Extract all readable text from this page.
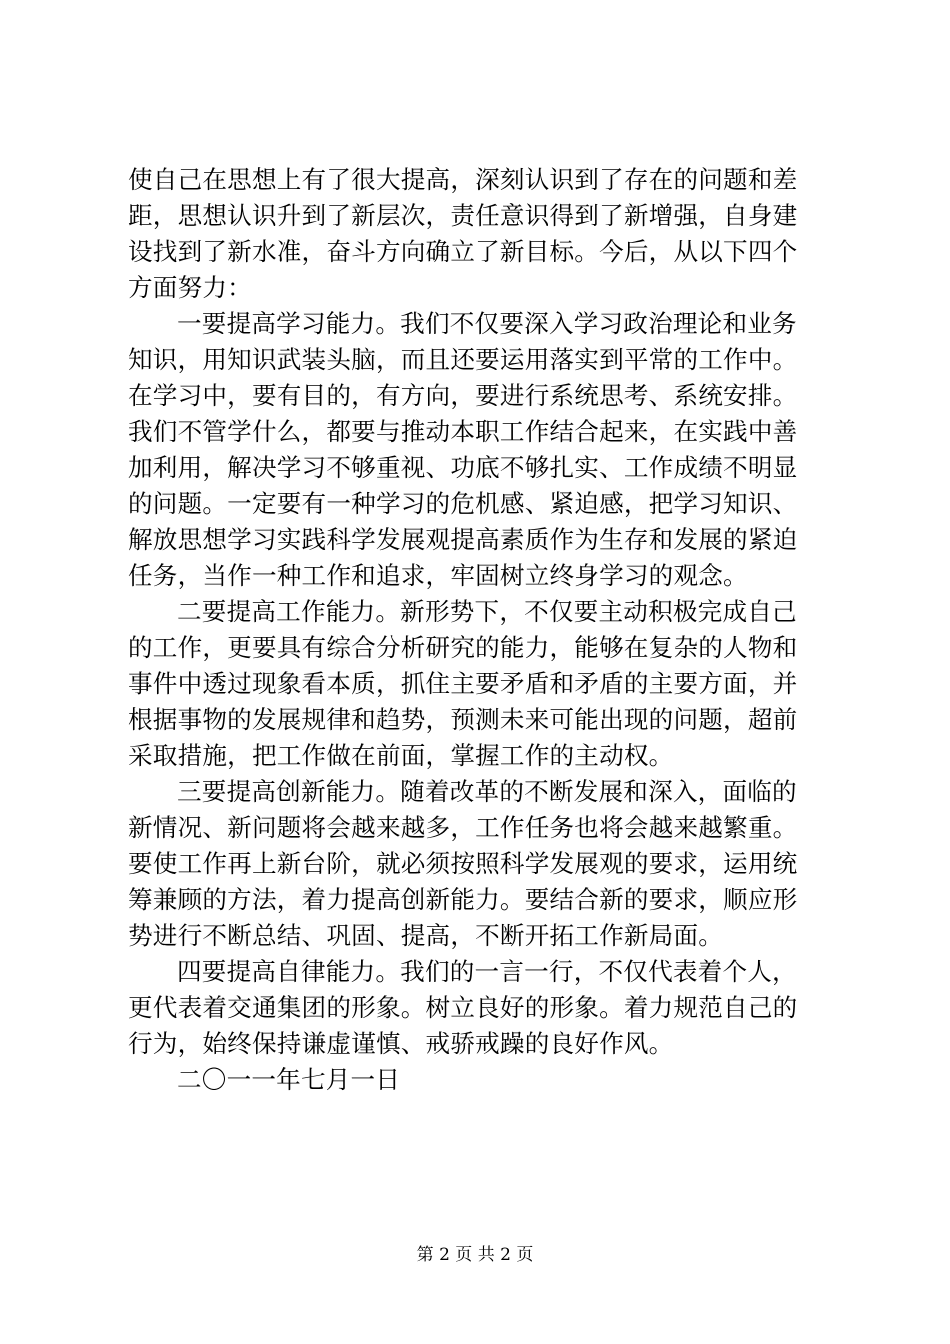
使自己在思想上有了很大提高，深刻认识到了存在的问题和差
距，思想认识升到了新层次，责任意识得到了新增强，自身建
设找到了新水准，奋斗方向确立了新目标。今后，从以下四个
方面努力：
一要提高学习能力。我们不仅要深入学习政治理论和业务
知识，用知识武装头脑，而且还要运用落实到平常的工作中。
在学习中，要有目的，有方向，要进行系统思考、系统安排。
我们不管学什么，都要与推动本职工作结合起来，在实践中善
加利用，解决学习不够重视、功底不够扎实、工作成绩不明显
的问题。一定要有一种学习的危机感、紧迫感，把学习知识、
解放思想学习实践科学发展观提高素质作为生存和发展的紧迫
任务，当作一种工作和追求，牢固树立终身学习的观念。
二要提高工作能力。新形势下，不仅要主动积极完成自己
的工作，更要具有综合分析研究的能力，能够在复杂的人物和
事件中透过现象看本质，抓住主要矛盾和矛盾的主要方面，并
根据事物的发展规律和趋势，预测未来可能出现的问题，超前
采取措施，把工作做在前面，掌握工作的主动权。
三要提高创新能力。随着改革的不断发展和深入，面临的
新情况、新问题将会越来越多，工作任务也将会越来越繁重。
要使工作再上新台阶，就必须按照科学发展观的要求，运用统
筹兼顾的方法，着力提高创新能力。要结合新的要求，顺应形
势进行不断总结、巩固、提高，不断开拓工作新局面。
四要提高自律能力。我们的一言一行，不仅代表着个人，
更代表着交通集团的形象。树立良好的形象。着力规范自己的
行为，始终保持谦虚谨慎、戒骄戒躁的良好作风。
二〇一一年七月一日
第 2 页 共 2 页
